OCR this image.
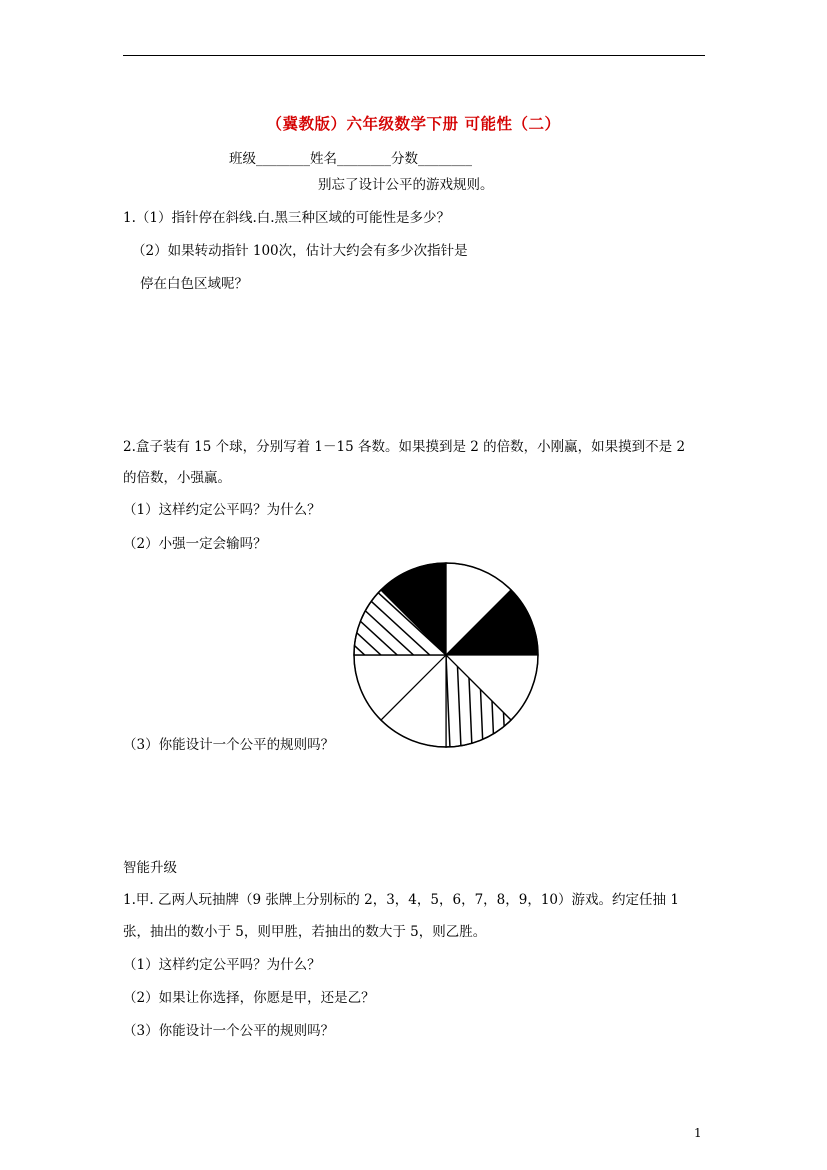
（冀教版）六年级数学下册 可能性（二）
班级________姓名________分数________
别忘了设计公平的游戏规则。
1.（1）指针停在斜线.白.黑三种区域的可能性是多少？
（2）如果转动指针 100次，估计大约会有多少次指针是
停在白色区域呢？
2.盒子装有 15 个球，分别写着 1－15 各数。如果摸到是 2 的倍数，小刚赢，如果摸到不是 2
的倍数，小强赢。
（1）这样约定公平吗？为什么？
（2）小强一定会输吗？
（3）你能设计一个公平的规则吗？
智能升级
1.甲. 乙两人玩抽牌（9 张牌上分别标的 2，3，4，5，6，7，8，9，10）游戏。约定任抽 1
张，抽出的数小于 5，则甲胜，若抽出的数大于 5，则乙胜。
（1）这样约定公平吗？为什么？
（2）如果让你选择，你愿是甲，还是乙？
（3）你能设计一个公平的规则吗？
1
